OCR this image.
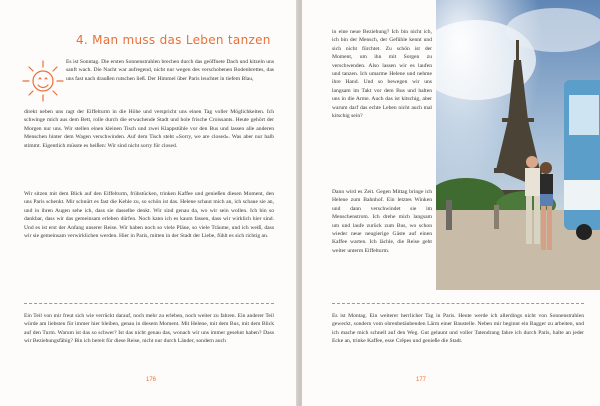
4. Man muss das Leben tanzen

Es ist Sonntag. Die ersten Sonnenstrahlen brechen durch das geöffnete Dach und kitzeln uns sanft wach. Die Nacht war aufregend, nicht nur wegen des verschobenen Bodenbrettes, das uns fast nach draußen rutschen ließ. Der Himmel über Paris leuchtet in tiefem Blau,

direkt neben uns ragt der Eiffelturm in die Höhe und verspricht uns einen Tag voller Möglichkeiten. Ich schwinge mich aus dem Bett, rolle durch die erwachende Stadt und hole frische Croissants. Heute gehört der Morgen nur uns. Wir stellen einen kleinen Tisch und zwei Klappstühle vor den Bus und lassen alle anderen Menschen hinter dem Wagen verschwinden. Auf dem Tisch steht »Sorry, we are closed«. Was aber nur halb stimmt. Eigentlich müsste es heißen: Wir sind nicht sorry für closed.

Wir sitzen mit dem Blick auf den Eiffelturm, frühstücken, trinken Kaffee und genießen diesen Moment, den uns Paris schenkt. Mir schnürt es fast die Kehle zu, so schön ist das. Helene schaut mich an, ich schaue sie an, und in ihren Augen sehe ich, dass sie dasselbe denkt. Wir sind genau da, wo wir sein wollen. Ich bin so dankbar, dass wir das gemeinsam erleben dürfen. Noch kann ich es kaum fassen, dass wir wirklich hier sind. Und es ist erst der Anfang unserer Reise. Wir haben noch so viele Pläne, so viele Träume, und ich weiß, dass wir sie gemeinsam verwirklichen werden. Hier in Paris, mitten in der Stadt der Liebe, fühlt es sich richtig an.

Ein Teil von mir freut sich wie verrückt darauf, noch mehr zu erleben, noch weiter zu fahren. Ein anderer Teil würde am liebsten für immer hier bleiben, genau in diesem Moment. Mit Helene, mit dem Bus, mit dem Blick auf den Turm. Warum ist das so schwer? Ist das nicht genau das, wonach wir uns immer gesehnt haben? Dass wir Beziehungsfähig? Bin ich bereit für diese Reise, nicht nur durch Länder, sondern auch

176

in eine neue Beziehung? Ich bin nicht ich, ich bin der Mensch, der Gefühle kennt und sich nicht fürchtet. Zu schön ist der Moment, um ihn mit Sorgen zu verschwenden. Also lassen wir es laufen und tanzen. Ich umarme Helene und nehme ihre Hand. Und so bewegen wir uns langsam im Takt vor dem Bus und halten uns in die Arme. Auch das ist kitschig, aber warum darf das echte Leben nicht auch mal kitschig sein?

Dann wird es Zeit. Gegen Mittag bringe ich Helene zum Bahnhof. Ein letztes Winken und dann verschwindet sie im Menschenstrom. Ich drehe mich langsam um und laufe zurück zum Bus, wo schon wieder neue neugierige Gäste auf einen Kaffee warten. Ich lächle, die Reise geht weiter unterm Eiffelturm.

Es ist Montag. Ein weiterer herrlicher Tag in Paris. Heute werde ich allerdings nicht von Sonnenstrahlen geweckt, sondern vom ohrenbetäubenden Lärm einer Baustelle. Neben mir beginnt ein Bagger zu arbeiten, und ich mache mich schnell auf den Weg. Gut gelaunt und voller Tatendrang fahre ich durch Paris, halte an jeder Ecke an, trinke Kaffee, esse Crêpes und genieße die Stadt.

177
